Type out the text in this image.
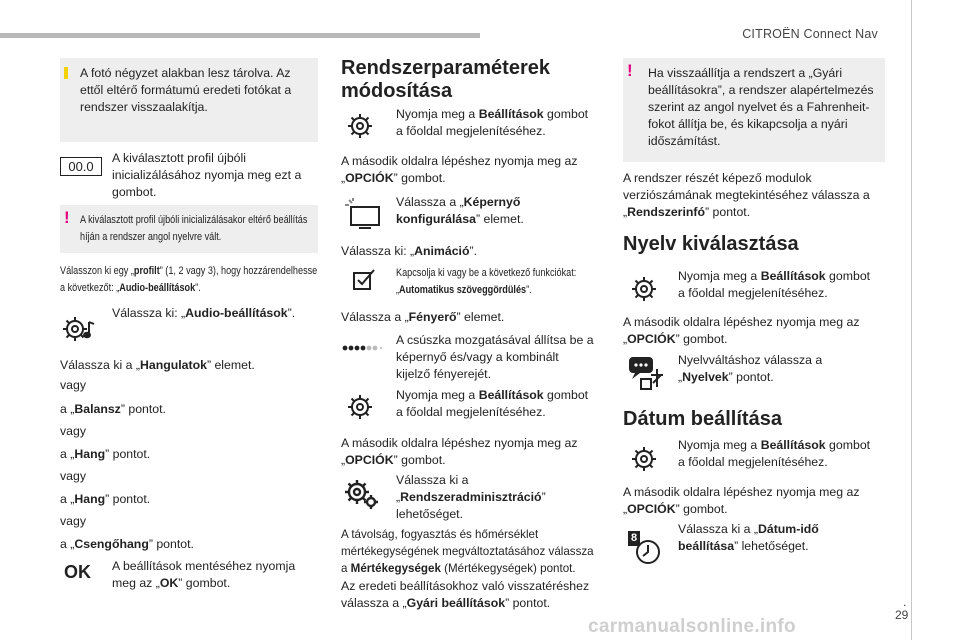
CITROËN Connect Nav
.
29
carmanualsonline.info
A fotó négyzet alakban lesz tárolva. Az ettől eltérő formátumú eredeti fotókat a rendszer visszaalakítja.
00.0
A kiválasztott profil újbóli inicializálásához nyomja meg ezt a gombot.
! A kiválasztott profil újbóli inicializálásakor eltérő beállítás híján a rendszer angol nyelvre vált.
Válasszon ki egy „profilt” (1, 2 vagy 3), hogy hozzárendelhesse a következőt: „Audio-beállítások”.
Válassza ki: „Audio-beállítások”.
Válassza ki a „Hangulatok” elemet.
vagy
a „Balansz” pontot.
vagy
a „Hang” pontot.
vagy
a „Hang” pontot.
vagy
a „Csengőhang” pontot.
OK A beállítások mentéséhez nyomja meg az „OK” gombot.
Rendszerparaméterek módosítása
Nyomja meg a Beállítások gombot a főoldal megjelenítéséhez.
A második oldalra lépéshez nyomja meg az „OPCIÓK” gombot.
Válassza a „Képernyő konfigurálása” elemet.
Válassza ki: „Animáció”.
Kapcsolja ki vagy be a következő funkciókat: „Automatikus szöveggördülés”.
Válassza a „Fényerő” elemet.
A csúszka mozgatásával állítsa be a képernyő és/vagy a kombinált kijelző fényerejét.
Nyomja meg a Beállítások gombot a főoldal megjelenítéséhez.
A második oldalra lépéshez nyomja meg az „OPCIÓK” gombot.
Válassza ki a „Rendszeradminisztráció” lehetőséget.
A távolság, fogyasztás és hőmérséklet mértékegységének megváltoztatásához válassza a Mértékegységek (Mértékegységek) pontot.
Az eredeti beállításokhoz való visszatéréshez válassza a „Gyári beállítások” pontot.
! Ha visszaállítja a rendszert a „Gyári beállításokra”, a rendszer alapértelmezés szerint az angol nyelvet és a Fahrenheit-fokot állítja be, és kikapcsolja a nyári időszámítást.
A rendszer részét képező modulok verziószámának megtekintéséhez válassza a „Rendszerinfó” pontot.
Nyelv kiválasztása
Nyomja meg a Beállítások gombot a főoldal megjelenítéséhez.
A második oldalra lépéshez nyomja meg az „OPCIÓK” gombot.
Nyelvváltáshoz válassza a „Nyelvek” pontot.
Dátum beállítása
Nyomja meg a Beállítások gombot a főoldal megjelenítéséhez.
A második oldalra lépéshez nyomja meg az „OPCIÓK” gombot.
8
Válassza ki a „Dátum-idő beállítása” lehetőséget.
